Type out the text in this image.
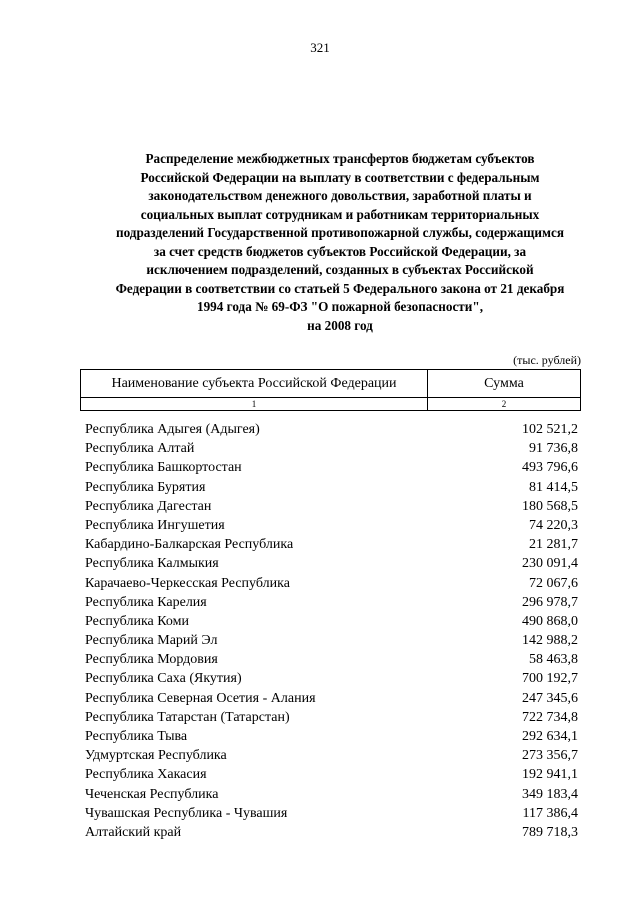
321
Распределение межбюджетных трансфертов бюджетам субъектов
Российской Федерации на выплату в соответствии с федеральным
законодательством денежного довольствия, заработной платы и
социальных выплат сотрудникам и работникам территориальных
подразделений Государственной противопожарной службы, содержащимся
за счет средств бюджетов субъектов Российской Федерации, за
исключением подразделений, созданных в субъектах Российской
Федерации в соответствии со статьей 5 Федерального закона от 21 декабря
1994 года № 69-ФЗ "О пожарной безопасности",
на 2008 год
(тыс. рублей)
Наименование субъекта Российской Федерации	Сумма
1	2
Республика Адыгея (Адыгея)	102 521,2
Республика Алтай	91 736,8
Республика Башкортостан	493 796,6
Республика Бурятия	81 414,5
Республика Дагестан	180 568,5
Республика Ингушетия	74 220,3
Кабардино-Балкарская Республика	21 281,7
Республика Калмыкия	230 091,4
Карачаево-Черкесская Республика	72 067,6
Республика Карелия	296 978,7
Республика Коми	490 868,0
Республика Марий Эл	142 988,2
Республика Мордовия	58 463,8
Республика Саха (Якутия)	700 192,7
Республика Северная Осетия - Алания	247 345,6
Республика Татарстан (Татарстан)	722 734,8
Республика Тыва	292 634,1
Удмуртская Республика	273 356,7
Республика Хакасия	192 941,1
Чеченская Республика	349 183,4
Чувашская Республика - Чувашия	117 386,4
Алтайский край	789 718,3
